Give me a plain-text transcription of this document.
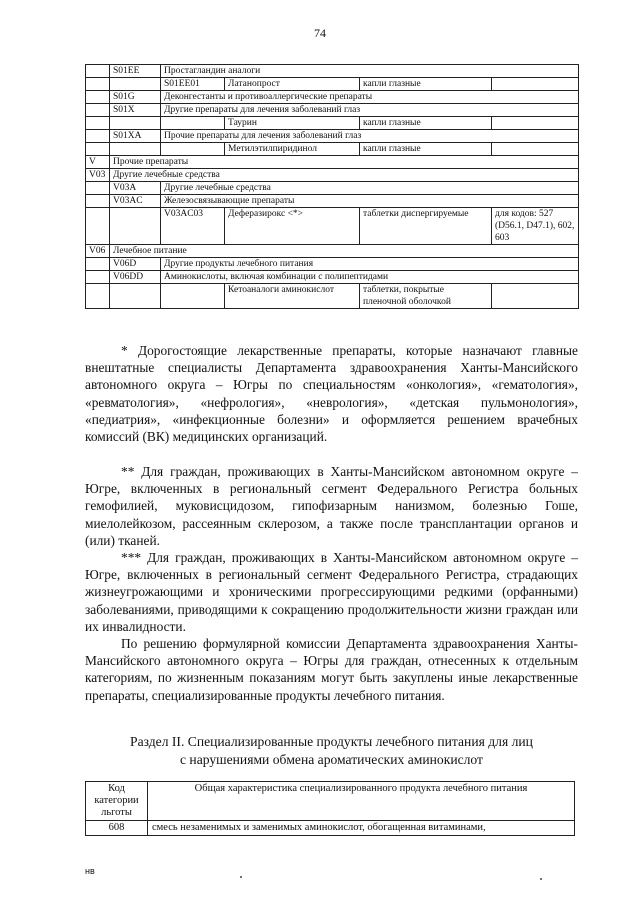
74
	S01EE	Простагландин аналоги			
		S01EE01	Латанопрост	капли глазные	
	S01G	Деконгестанты и противоаллергические препараты			
	S01X	Другие препараты для лечения заболеваний глаз			
			Таурин	капли глазные	
	S01XA	Прочие препараты для лечения заболеваний глаз			
			Метилэтилпиридинол	капли глазные	
V	Прочие препараты				
V03	Другие лечебные средства				
	V03A	Другие лечебные средства			
	V03AC	Железосвязывающие препараты			
		V03AC03	Деферазирокс <*>	таблетки диспергируемые	для кодов: 527 (D56.1, D47.1), 602, 603
V06	Лечебное питание				
	V06D	Другие продукты лечебного питания			
	V06DD	Аминокислоты, включая комбинации с полипептидами			
			Кетоаналоги аминокислот	таблетки, покрытые пленочной оболочкой	

* Дорогостоящие лекарственные препараты, которые назначают главные внештатные специалисты Департамента здравоохранения Ханты-Мансийского автономного округа – Югры по специальностям «онкология», «гематология», «ревматология», «нефрология», «неврология», «детская пульмонология», «педиатрия», «инфекционные болезни» и оформляется решением врачебных комиссий (ВК) медицинских организаций.

** Для граждан, проживающих в Ханты-Мансийском автономном округе – Югре, включенных в региональный сегмент Федерального Регистра больных гемофилией, муковисцидозом, гипофизарным нанизмом, болезнью Гоше, миелолейкозом, рассеянным склерозом, а также после трансплантации органов и (или) тканей.

*** Для граждан, проживающих в Ханты-Мансийском автономном округе – Югре, включенных в региональный сегмент Федерального Регистра, страдающих жизнеугрожающими и хроническими прогрессирующими редкими (орфанными) заболеваниями, приводящими к сокращению продолжительности жизни граждан или их инвалидности.

По решению формулярной комиссии Департамента здравоохранения Ханты-Мансийского автономного округа – Югры для граждан, отнесенных к отдельным категориям, по жизненным показаниям могут быть закуплены иные лекарственные препараты, специализированные продукты лечебного питания.

Раздел II. Специализированные продукты лечебного питания для лиц
с нарушениями обмена ароматических аминокислот
Код категории льготы	Общая характеристика специализированного продукта лечебного питания
608	смесь незаменимых и заменимых аминокислот, обогащенная витаминами,
нв
